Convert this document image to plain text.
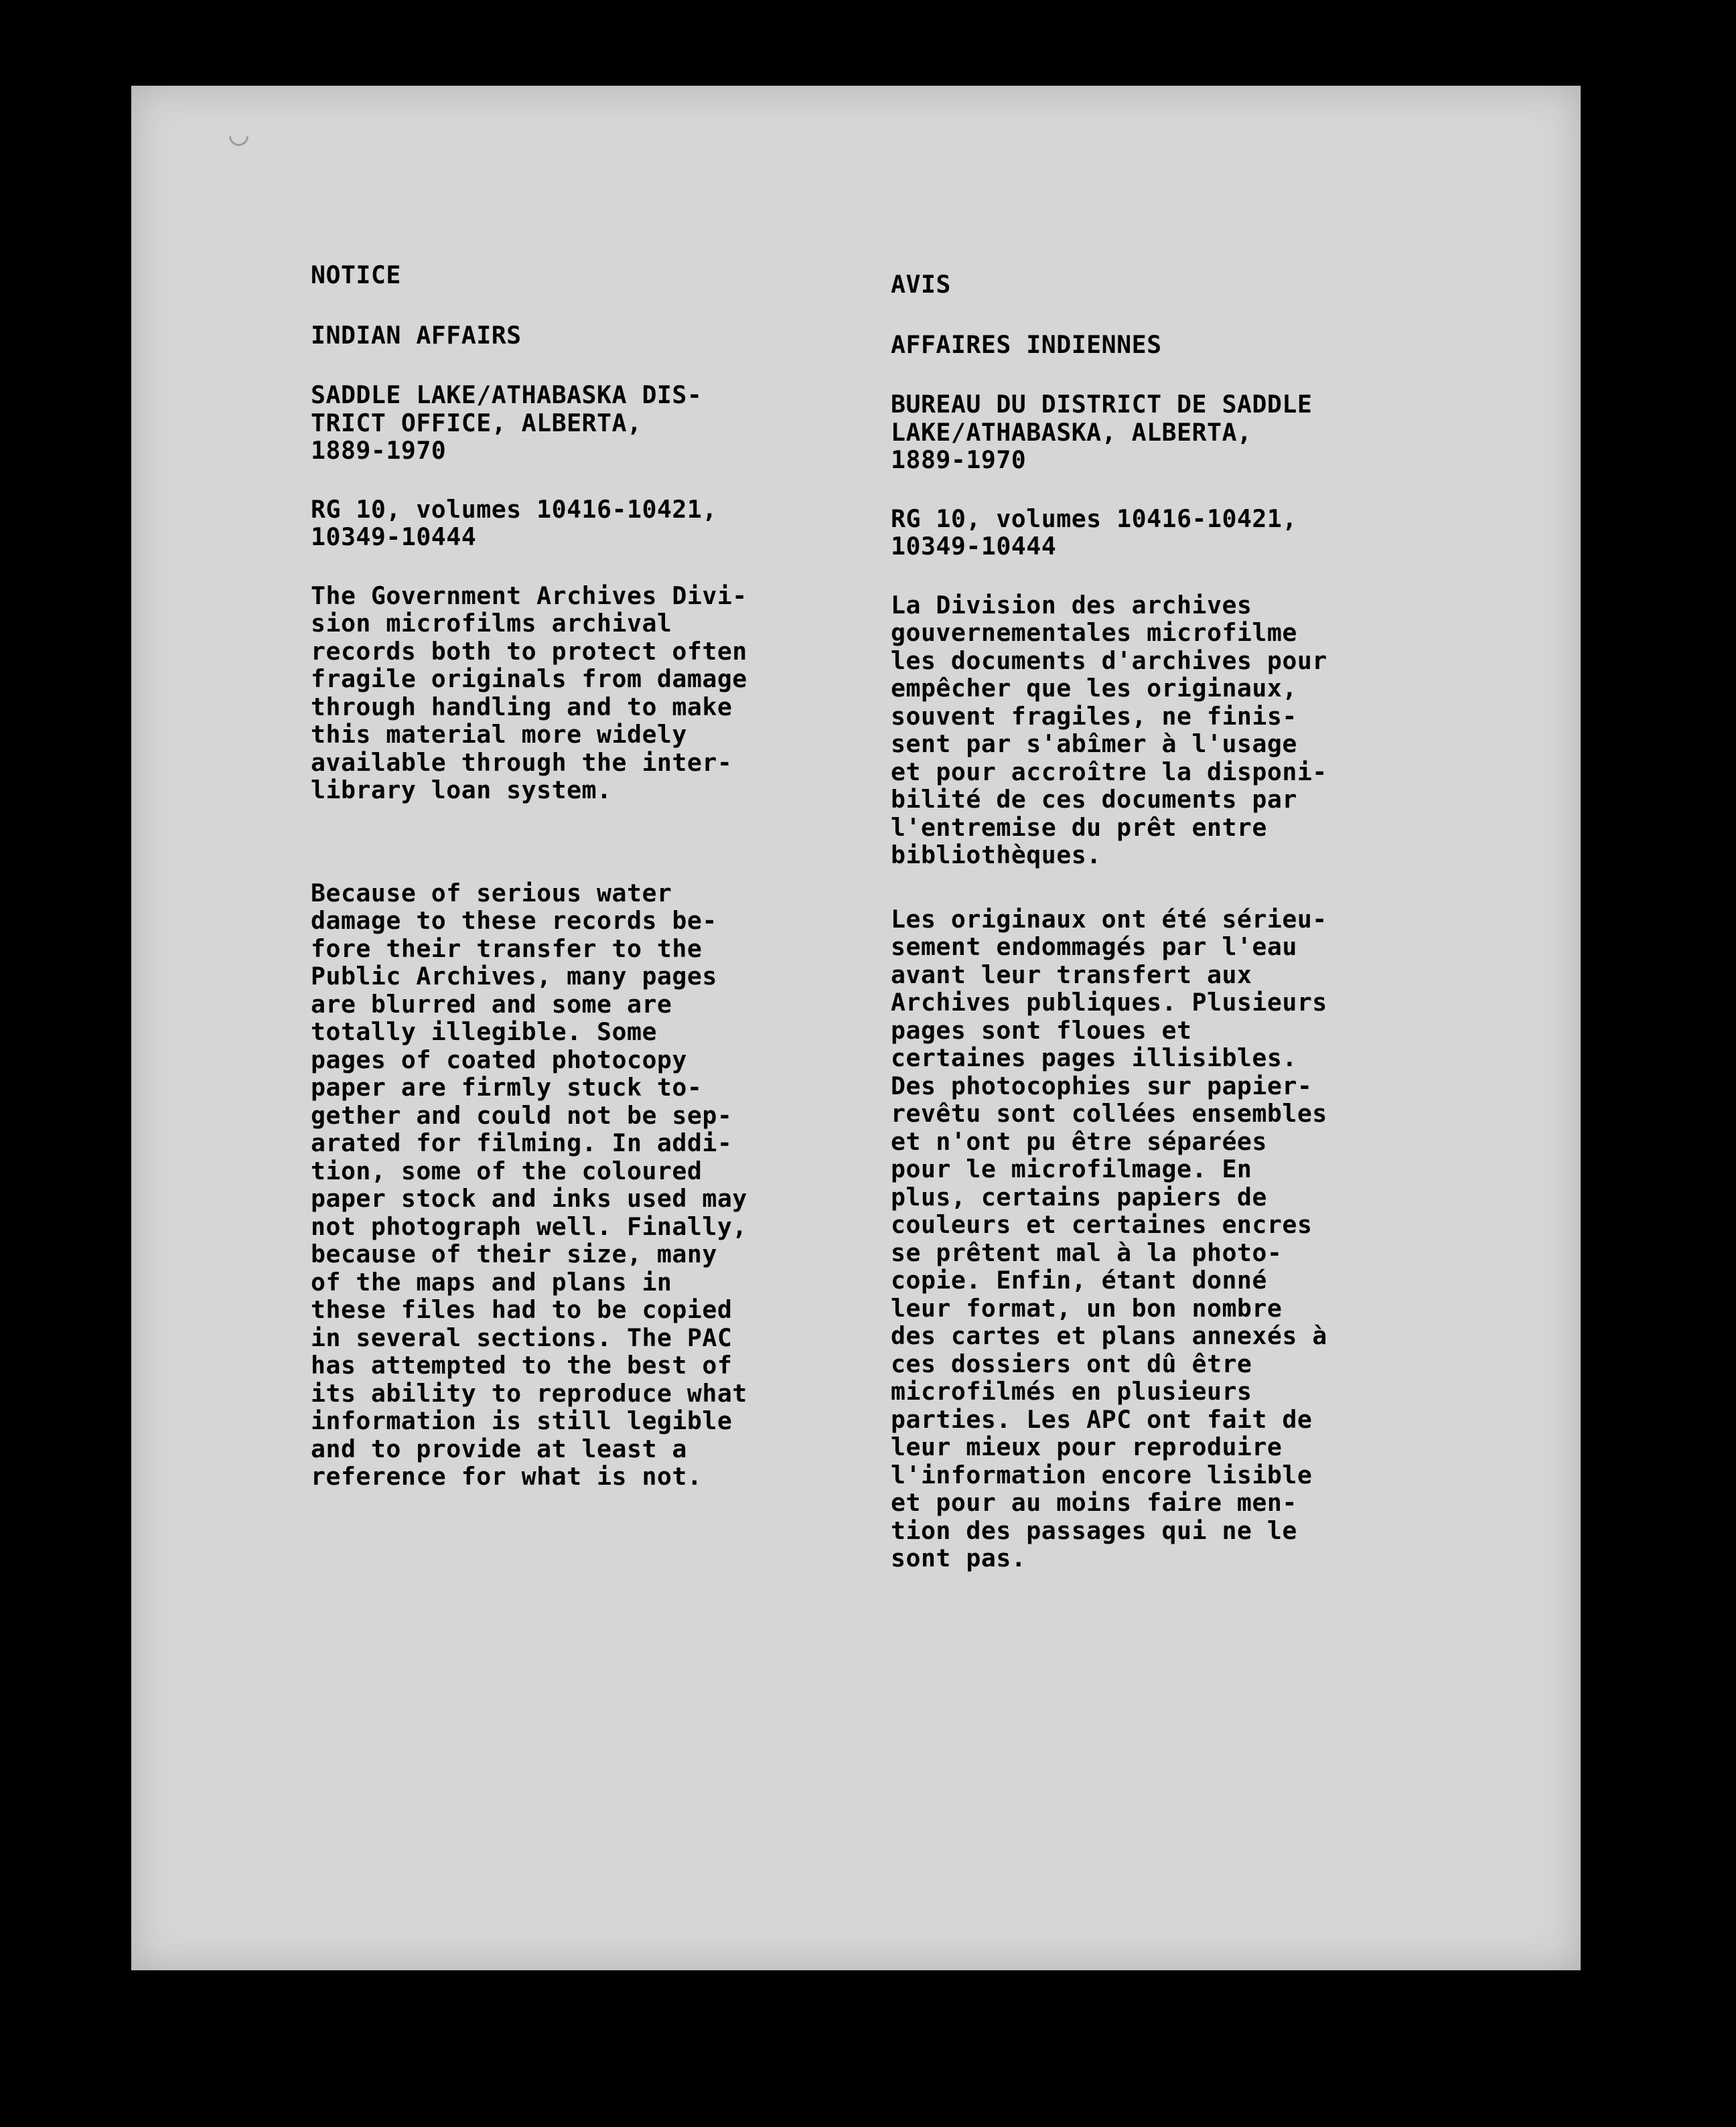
◡
NOTICE
INDIAN AFFAIRS
SADDLE LAKE/ATHABASKA DIS-
TRICT OFFICE, ALBERTA,
1889-1970
RG 10, volumes 10416-10421,
10349-10444
The Government Archives Divi-
sion microfilms archival
records both to protect often
fragile originals from damage
through handling and to make
this material more widely
available through the inter-
library loan system.
Because of serious water
damage to these records be-
fore their transfer to the
Public Archives, many pages
are blurred and some are
totally illegible. Some
pages of coated photocopy
paper are firmly stuck to-
gether and could not be sep-
arated for filming. In addi-
tion, some of the coloured
paper stock and inks used may
not photograph well. Finally,
because of their size, many
of the maps and plans in
these files had to be copied
in several sections. The PAC
has attempted to the best of
its ability to reproduce what
information is still legible
and to provide at least a
reference for what is not.
AVIS
AFFAIRES INDIENNES
BUREAU DU DISTRICT DE SADDLE
LAKE/ATHABASKA, ALBERTA,
1889-1970
RG 10, volumes 10416-10421,
10349-10444
La Division des archives
gouvernementales microfilme
les documents d'archives pour
empêcher que les originaux,
souvent fragiles, ne finis-
sent par s'abîmer à l'usage
et pour accroître la disponi-
bilité de ces documents par
l'entremise du prêt entre
bibliothèques.
Les originaux ont été sérieu-
sement endommagés par l'eau
avant leur transfert aux
Archives publiques. Plusieurs
pages sont floues et
certaines pages illisibles.
Des photocophies sur papier-
revêtu sont collées ensembles
et n'ont pu être séparées
pour le microfilmage. En
plus, certains papiers de
couleurs et certaines encres
se prêtent mal à la photo-
copie. Enfin, étant donné
leur format, un bon nombre
des cartes et plans annexés à
ces dossiers ont dû être
microfilmés en plusieurs
parties. Les APC ont fait de
leur mieux pour reproduire
l'information encore lisible
et pour au moins faire men-
tion des passages qui ne le
sont pas.
